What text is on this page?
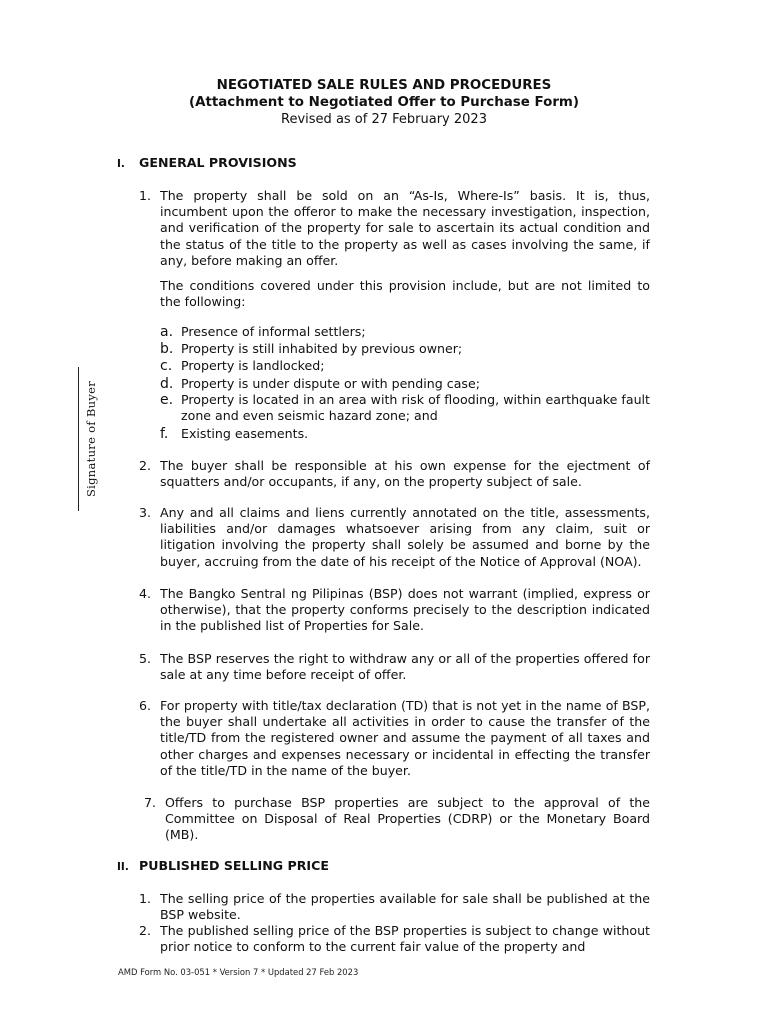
Signature of Buyer
NEGOTIATED SALE RULES AND PROCEDURES
(Attachment to Negotiated Offer to Purchase Form)
Revised as of 27 February 2023
I. GENERAL PROVISIONS
1. The property shall be sold on an “As-Is, Where-Is” basis. It is, thus, incumbent upon the offeror to make the necessary investigation, inspection, and verification of the property for sale to ascertain its actual condition and the status of the title to the property as well as cases involving the same, if any, before making an offer.
The conditions covered under this provision include, but are not limited to the following:
a. Presence of informal settlers;
b. Property is still inhabited by previous owner;
c. Property is landlocked;
d. Property is under dispute or with pending case;
e. Property is located in an area with risk of flooding, within earthquake fault zone and even seismic hazard zone; and
f. Existing easements.
2. The buyer shall be responsible at his own expense for the ejectment of squatters and/or occupants, if any, on the property subject of sale.
3. Any and all claims and liens currently annotated on the title, assessments, liabilities and/or damages whatsoever arising from any claim, suit or litigation involving the property shall solely be assumed and borne by the buyer, accruing from the date of his receipt of the Notice of Approval (NOA).
4. The Bangko Sentral ng Pilipinas (BSP) does not warrant (implied, express or otherwise), that the property conforms precisely to the description indicated in the published list of Properties for Sale.
5. The BSP reserves the right to withdraw any or all of the properties offered for sale at any time before receipt of offer.
6. For property with title/tax declaration (TD) that is not yet in the name of BSP, the buyer shall undertake all activities in order to cause the transfer of the title/TD from the registered owner and assume the payment of all taxes and other charges and expenses necessary or incidental in effecting the transfer of the title/TD in the name of the buyer.
7. Offers to purchase BSP properties are subject to the approval of the Committee on Disposal of Real Properties (CDRP) or the Monetary Board (MB).
II. PUBLISHED SELLING PRICE
1. The selling price of the properties available for sale shall be published at the BSP website.
2. The published selling price of the BSP properties is subject to change without prior notice to conform to the current fair value of the property and
AMD Form No. 03-051 * Version 7 * Updated 27 Feb 2023
